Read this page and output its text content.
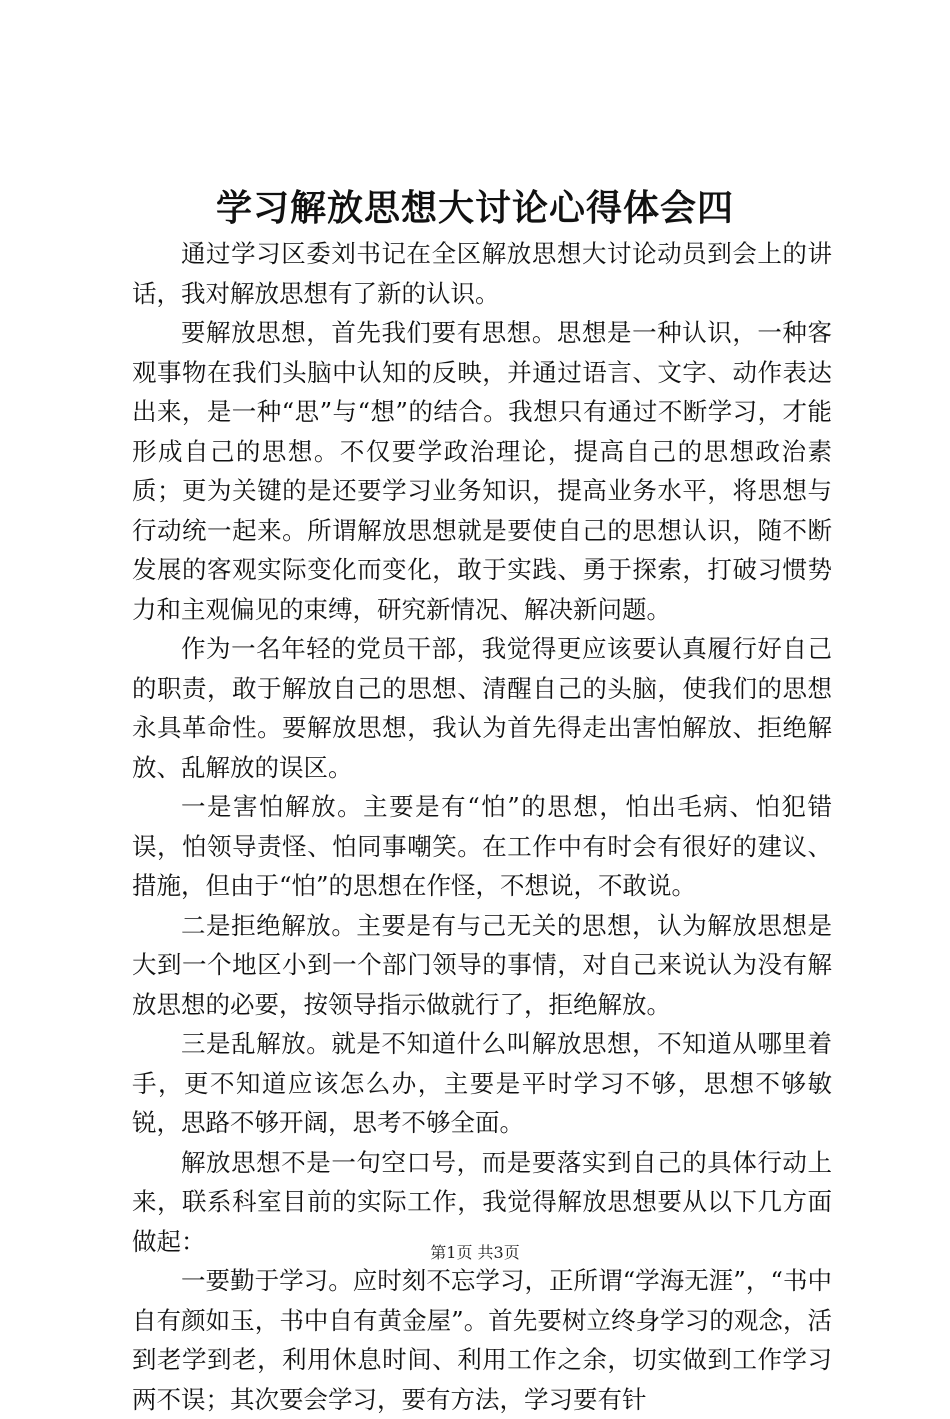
学习解放思想大讨论心得体会四

通过学习区委刘书记在全区解放思想大讨论动员到会上的讲话，我对解放思想有了新的认识。

要解放思想，首先我们要有思想。思想是一种认识，一种客观事物在我们头脑中认知的反映，并通过语言、文字、动作表达出来，是一种“思”与“想”的结合。我想只有通过不断学习，才能形成自己的思想。不仅要学政治理论，提高自己的思想政治素质；更为关键的是还要学习业务知识，提高业务水平，将思想与行动统一起来。所谓解放思想就是要使自己的思想认识，随不断发展的客观实际变化而变化，敢于实践、勇于探索，打破习惯势力和主观偏见的束缚，研究新情况、解决新问题。

作为一名年轻的党员干部，我觉得更应该要认真履行好自己的职责，敢于解放自己的思想、清醒自己的头脑，使我们的思想永具革命性。要解放思想，我认为首先得走出害怕解放、拒绝解放、乱解放的误区。

一是害怕解放。主要是有“怕”的思想，怕出毛病、怕犯错误，怕领导责怪、怕同事嘲笑。在工作中有时会有很好的建议、措施，但由于“怕”的思想在作怪，不想说，不敢说。

二是拒绝解放。主要是有与己无关的思想，认为解放思想是大到一个地区小到一个部门领导的事情，对自己来说认为没有解放思想的必要，按领导指示做就行了，拒绝解放。

三是乱解放。就是不知道什么叫解放思想，不知道从哪里着手，更不知道应该怎么办，主要是平时学习不够，思想不够敏锐，思路不够开阔，思考不够全面。

解放思想不是一句空口号，而是要落实到自己的具体行动上来，联系科室目前的实际工作，我觉得解放思想要从以下几方面做起：

一要勤于学习。应时刻不忘学习，正所谓“学海无涯”，“书中自有颜如玉，书中自有黄金屋”。首先要树立终身学习的观念，活到老学到老，利用休息时间、利用工作之余，切实做到工作学习两不误；其次要会学习，要有方法，学习要有针

第1页 共3页
